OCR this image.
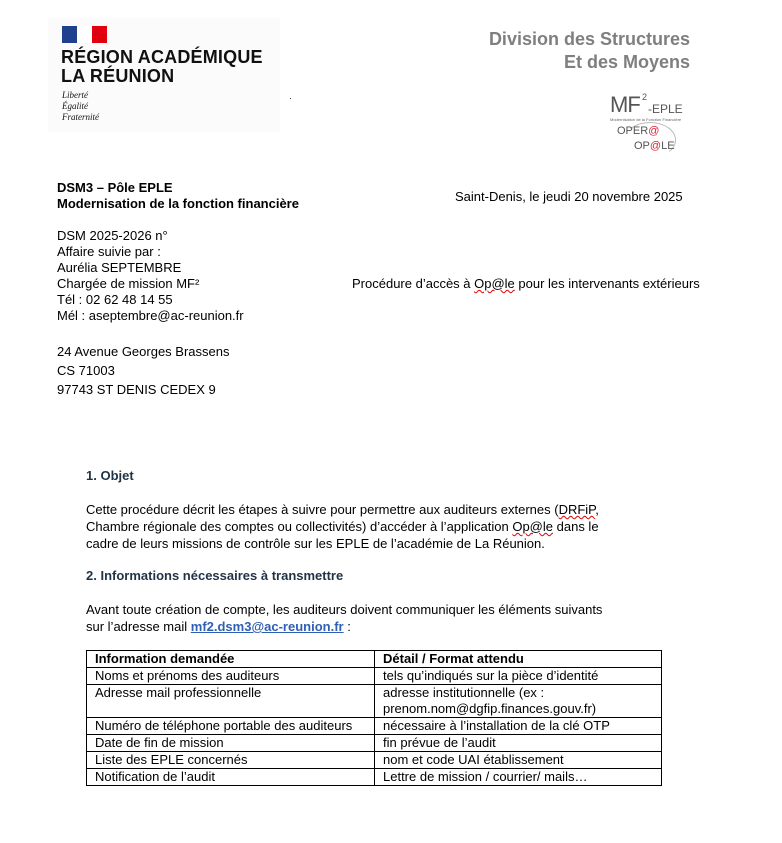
RÉGION ACADÉMIQUE
LA RÉUNION
Liberté
Égalité
Fraternité
Division des Structures
Et des Moyens
MF 2
-EPLE
Modernisation de la Fonction Financière
OPER@
OP@LE
DSM3 – Pôle EPLE
Modernisation de la fonction financière	Saint-Denis, le jeudi 20 novembre 2025
DSM 2025-2026 n°
Affaire suivie par :
Aurélia SEPTEMBRE
Chargée de mission MF²
Tél : 02 62 48 14 55
Mél : aseptembre@ac-reunion.fr
Procédure d’accès à Op@le pour les intervenants extérieurs
24 Avenue Georges Brassens
CS 71003
97743 ST DENIS CEDEX 9
1. Objet
Cette procédure décrit les étapes à suivre pour permettre aux auditeurs externes (DRFiP,
Chambre régionale des comptes ou collectivités) d’accéder à l’application Op@le dans le
cadre de leurs missions de contrôle sur les EPLE de l’académie de La Réunion.
2. Informations nécessaires à transmettre
Avant toute création de compte, les auditeurs doivent communiquer les éléments suivants
sur l’adresse mail mf2.dsm3@ac-reunion.fr :
Information demandée	Détail / Format attendu
Noms et prénoms des auditeurs	tels qu’indiqués sur la pièce d’identité
Adresse mail professionnelle	adresse institutionnelle (ex : prenom.nom@dgfip.finances.gouv.fr)
Numéro de téléphone portable des auditeurs	nécessaire à l’installation de la clé OTP
Date de fin de mission	fin prévue de l’audit
Liste des EPLE concernés	nom et code UAI établissement
Notification de l’audit	Lettre de mission / courrier/ mails…
